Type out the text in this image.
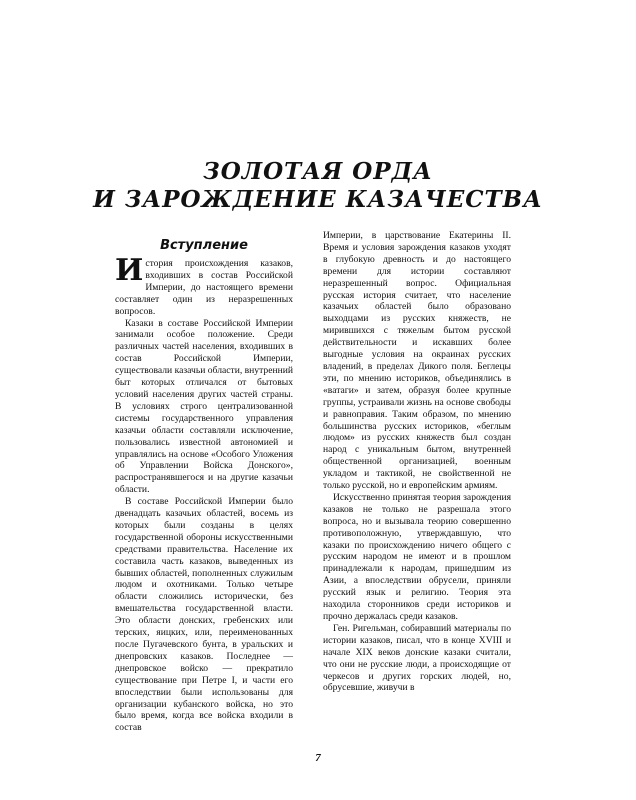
ЗОЛОТАЯ ОРДА
И ЗАРОЖДЕНИЕ КАЗАЧЕСТВА
Вступление

История происхождения казаков, входивших в состав Российской Империи, до настоящего времени составляет один из неразрешенных вопросов.

Казаки в составе Российской Империи занимали особое положение. Среди различных частей населения, входивших в состав Российской Империи, существовали казачьи области, внутренний быт которых отличался от бытовых условий населения других частей страны. В условиях строго централизованной системы государственного управления казачьи области составляли исключение, пользовались известной автономией и управлялись на основе «Особого Уложения об Управлении Войска Донского», распространявшегося и на другие казачьи области.

В составе Российской Империи было двенадцать казачьих областей, восемь из которых были созданы в целях государственной обороны искусственными средствами правительства. Население их составила часть казаков, выведенных из бывших областей, пополненных служилым людом и охотниками. Только четыре области сложились исторически, без вмешательства государственной власти. Это области донских, гребенских или терских, яицких, или, переименованных после Пугачевского бунта, в уральских и днепровских казаков. Последнее — днепровское войско — прекратило существование при Петре I, и части его впоследствии были использованы для организации кубанского войска, но это было время, когда все войска входили в состав

Империи, в царствование Екатерины II. Время и условия зарождения казаков уходят в глубокую древность и до настоящего времени для истории составляют неразрешенный вопрос. Официальная русская история считает, что население казачьих областей было образовано выходцами из русских княжеств, не мирившихся с тяжелым бытом русской действительности и искавших более выгодные условия на окраинах русских владений, в пределах Дикого поля. Беглецы эти, по мнению историков, объединялись в «ватаги» и затем, образуя более крупные группы, устраивали жизнь на основе свободы и равноправия. Таким образом, по мнению большинства русских историков, «беглым людом» из русских княжеств был создан народ с уникальным бытом, внутренней общественной организацией, военным укладом и тактикой, не свойственной не только русской, но и европейским армиям.

Искусственно принятая теория зарождения казаков не только не разрешала этого вопроса, но и вызывала теорию совершенно противоположную, утверждавшую, что казаки по происхождению ничего общего с русским народом не имеют и в прошлом принадлежали к народам, пришедшим из Азии, а впоследствии обрусели, приняли русский язык и религию. Теория эта находила сторонников среди историков и прочно держалась среди казаков.

Ген. Ригельман, собиравший материалы по истории казаков, писал, что в конце XVIII и начале XIX веков донские казаки считали, что они не русские люди, а происходящие от черкесов и других горских людей, но, обрусевшие, живучи в

7
